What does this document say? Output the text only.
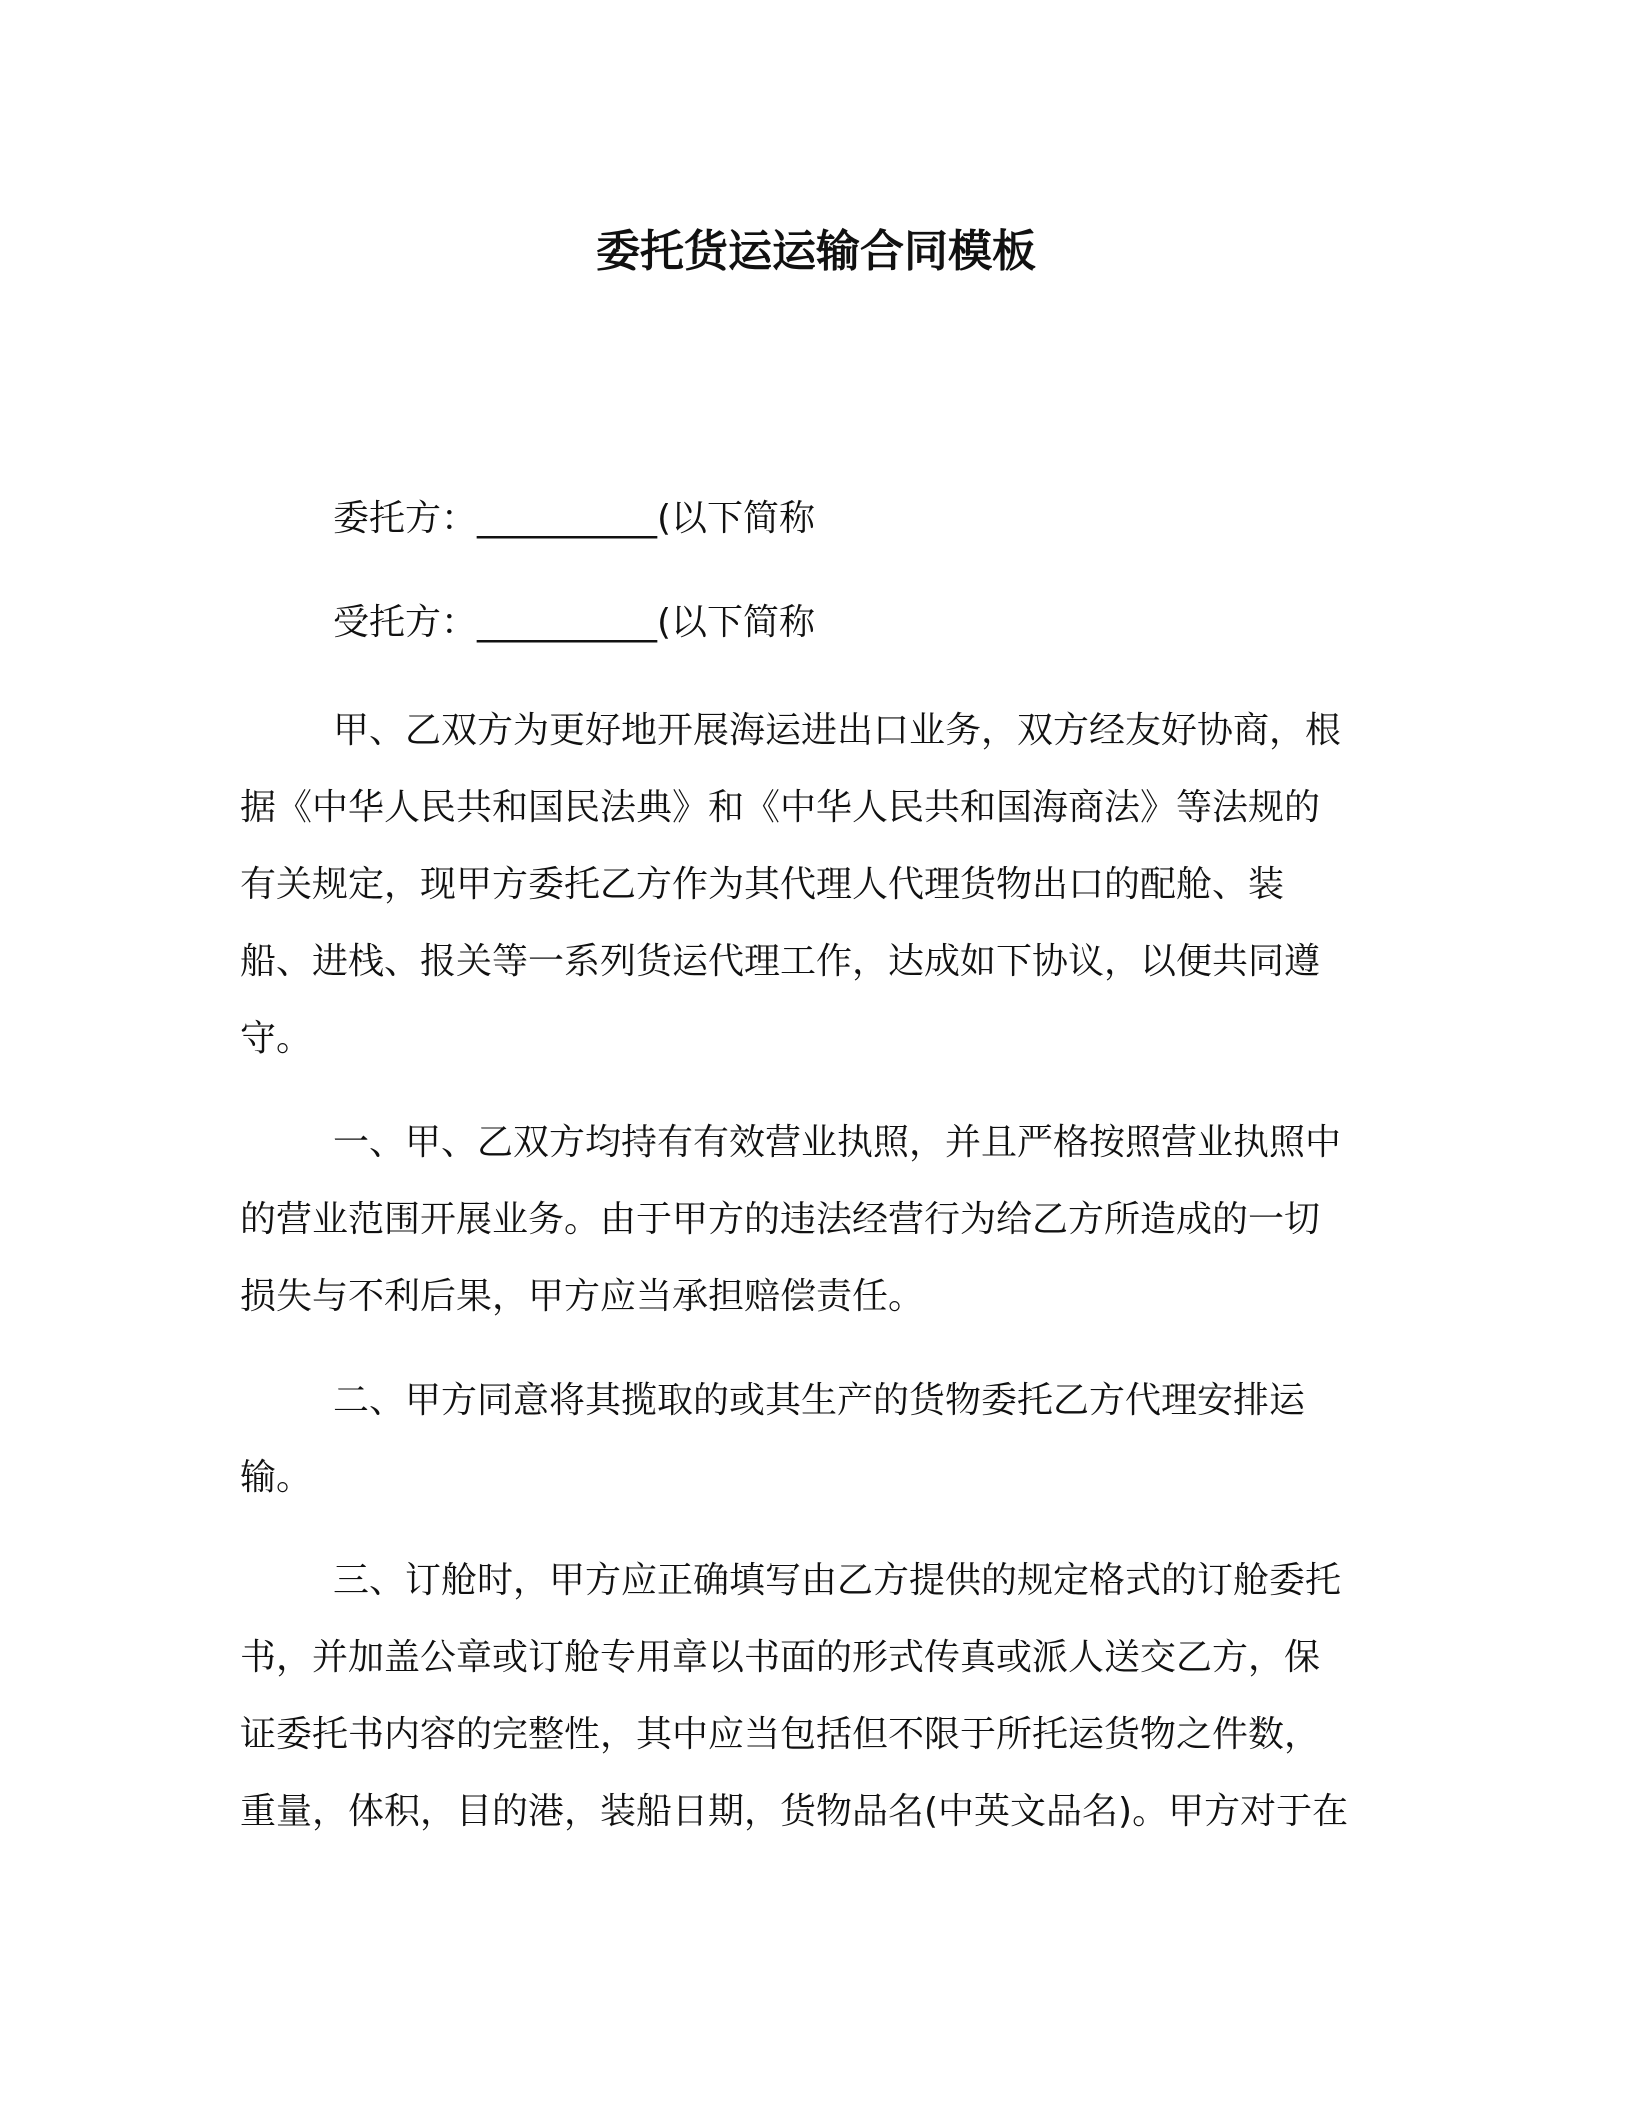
委托货运运输合同模板
委托方：__________(以下简称
受托方：__________(以下简称
甲、乙双方为更好地开展海运进出口业务，双方经友好协商，根
据《中华人民共和国民法典》和《中华人民共和国海商法》等法规的
有关规定，现甲方委托乙方作为其代理人代理货物出口的配舱、装
船、进栈、报关等一系列货运代理工作，达成如下协议，以便共同遵
守。
一、甲、乙双方均持有有效营业执照，并且严格按照营业执照中
的营业范围开展业务。由于甲方的违法经营行为给乙方所造成的一切
损失与不利后果，甲方应当承担赔偿责任。
二、甲方同意将其揽取的或其生产的货物委托乙方代理安排运
输。
三、订舱时，甲方应正确填写由乙方提供的规定格式的订舱委托
书，并加盖公章或订舱专用章以书面的形式传真或派人送交乙方，保
证委托书内容的完整性，其中应当包括但不限于所托运货物之件数，
重量，体积，目的港，装船日期，货物品名(中英文品名)。甲方对于在
